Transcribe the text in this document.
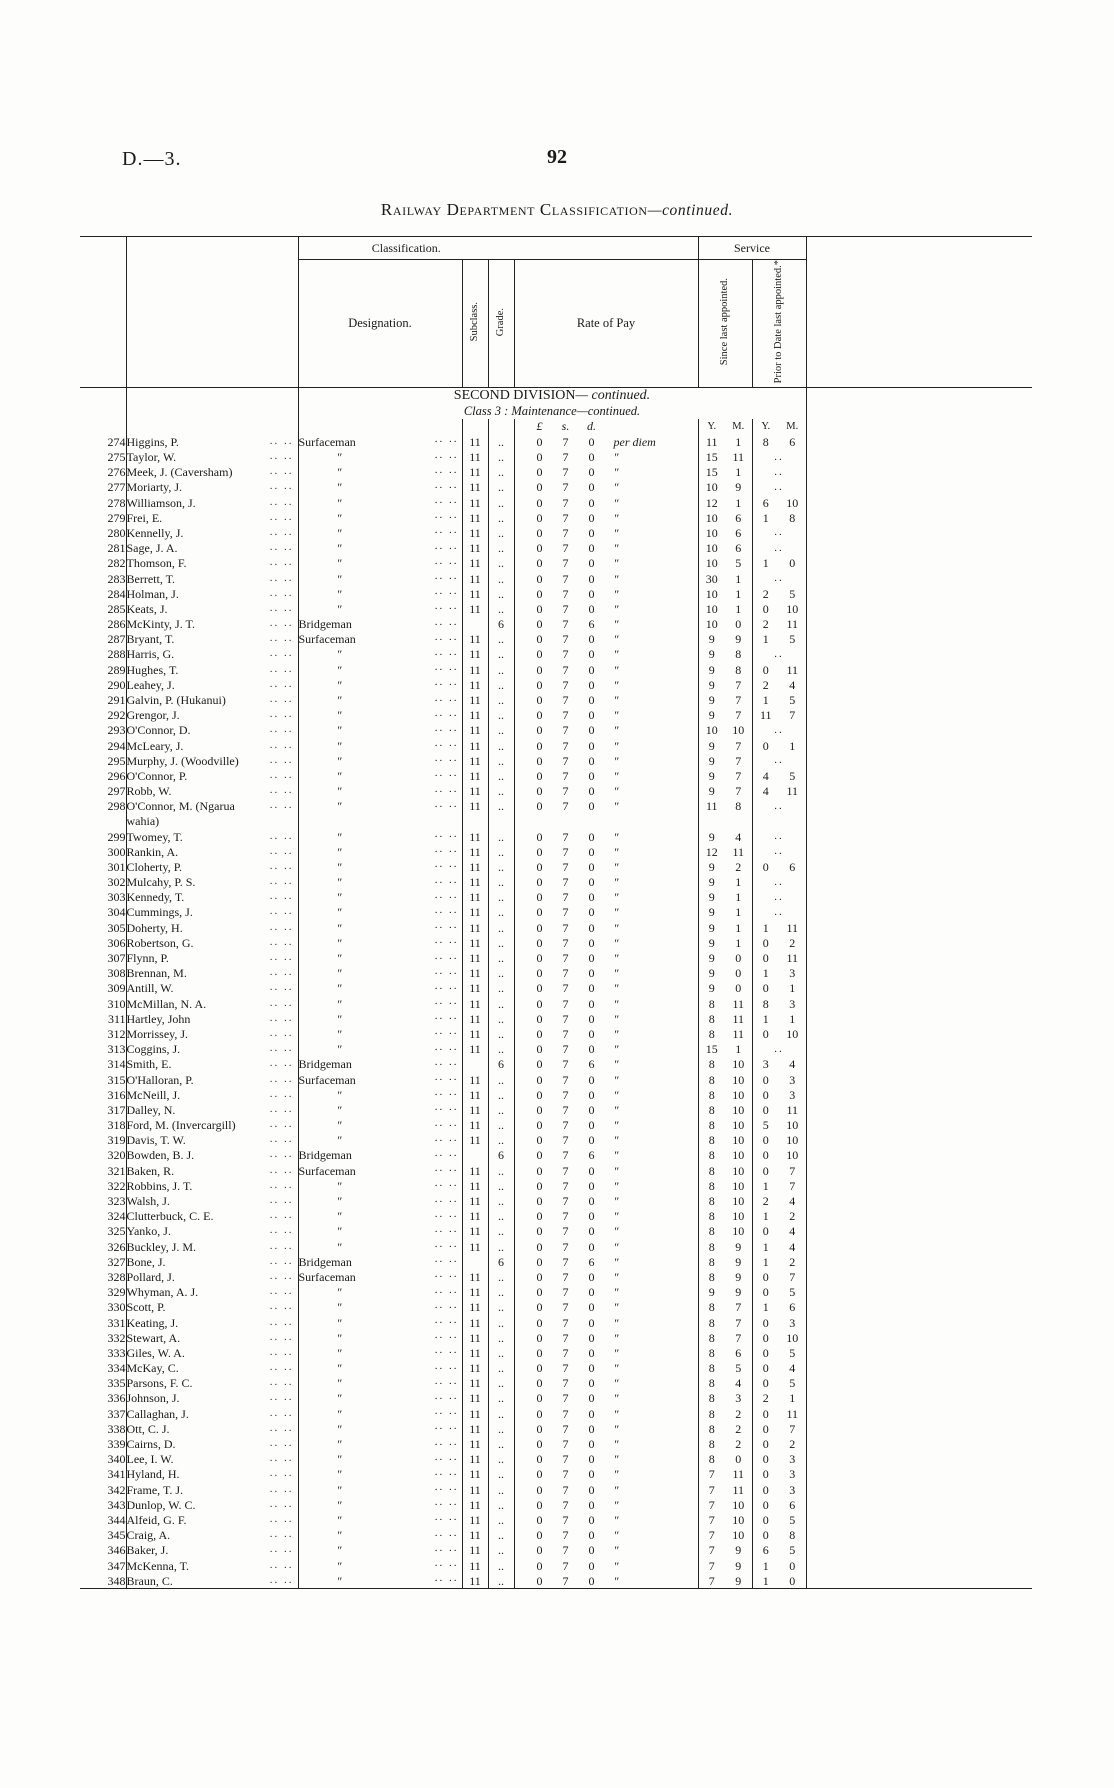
D.—3.	92
Railway Department Classification—continued.
		Classification.				Service		

		Designation.	Subclass.	Grade.	Rate of Pay	Since last appointed.	Prior to Date last appointed.*	

		SECOND DIVISION— continued.						
		Class 3 : Maintenance—continued.						

					£ s. d.	Y. M.	Y. M.	

274	Higgins, P. .. ..	Surfaceman .. ..	11	..	0 7 0 per diem	11 1	8 6	

275	Taylor, W. .. ..	″ .. ..	11	..	0 7 0 ″	15 11	..	

276	Meek, J. (Caversham) .. ..	″ .. ..	11	..	0 7 0 ″	15 1	..	

277	Moriarty, J. .. ..	″ .. ..	11	..	0 7 0 ″	10 9	..	

278	Williamson, J. .. ..	″ .. ..	11	..	0 7 0 ″	12 1	6 10	

279	Frei, E. .. ..	″ .. ..	11	..	0 7 0 ″	10 6	1 8	

280	Kennelly, J. .. ..	″ .. ..	11	..	0 7 0 ″	10 6	..	

281	Sage, J. A. .. ..	″ .. ..	11	..	0 7 0 ″	10 6	..	

282	Thomson, F. .. ..	″ .. ..	11	..	0 7 0 ″	10 5	1 0	

283	Berrett, T. .. ..	″ .. ..	11	..	0 7 0 ″	30 1	..	

284	Holman, J. .. ..	″ .. ..	11	..	0 7 0 ″	10 1	2 5	

285	Keats, J. .. ..	″ .. ..	11	..	0 7 0 ″	10 1	0 10	

286	McKinty, J. T. .. ..	Bridgeman .. ..		6	0 7 6 ″	10 0	2 11	

287	Bryant, T. .. ..	Surfaceman .. ..	11	..	0 7 0 ″	9 9	1 5	

288	Harris, G. .. ..	″ .. ..	11	..	0 7 0 ″	9 8	..	

289	Hughes, T. .. ..	″ .. ..	11	..	0 7 0 ″	9 8	0 11	

290	Leahey, J. .. ..	″ .. ..	11	..	0 7 0 ″	9 7	2 4	

291	Galvin, P. (Hukanui) .. ..	″ .. ..	11	..	0 7 0 ″	9 7	1 5	

292	Grengor, J. .. ..	″ .. ..	11	..	0 7 0 ″	9 7	11 7	

293	O'Connor, D. .. ..	″ .. ..	11	..	0 7 0 ″	10 10	..	

294	McLeary, J. .. ..	″ .. ..	11	..	0 7 0 ″	9 7	0 1	

295	Murphy, J. (Woodville) .. ..	″ .. ..	11	..	0 7 0 ″	9 7	..	

296	O'Connor, P. .. ..	″ .. ..	11	..	0 7 0 ″	9 7	4 5	

297	Robb, W. .. ..	″ .. ..	11	..	0 7 0 ″	9 7	4 11	

298	O'Connor, M. (Ngarua .. ..	″ .. ..	11	..	0 7 0 ″	11 8	..	

	wahia)							
299	Twomey, T. .. ..	″ .. ..	11	..	0 7 0 ″	9 4	..	

300	Rankin, A. .. ..	″ .. ..	11	..	0 7 0 ″	12 11	..	

301	Cloherty, P. .. ..	″ .. ..	11	..	0 7 0 ″	9 2	0 6	

302	Mulcahy, P. S. .. ..	″ .. ..	11	..	0 7 0 ″	9 1	..	

303	Kennedy, T. .. ..	″ .. ..	11	..	0 7 0 ″	9 1	..	

304	Cummings, J. .. ..	″ .. ..	11	..	0 7 0 ″	9 1	..	

305	Doherty, H. .. ..	″ .. ..	11	..	0 7 0 ″	9 1	1 11	

306	Robertson, G. .. ..	″ .. ..	11	..	0 7 0 ″	9 1	0 2	

307	Flynn, P. .. ..	″ .. ..	11	..	0 7 0 ″	9 0	0 11	

308	Brennan, M. .. ..	″ .. ..	11	..	0 7 0 ″	9 0	1 3	

309	Antill, W. .. ..	″ .. ..	11	..	0 7 0 ″	9 0	0 1	

310	McMillan, N. A. .. ..	″ .. ..	11	..	0 7 0 ″	8 11	8 3	

311	Hartley, John .. ..	″ .. ..	11	..	0 7 0 ″	8 11	1 1	

312	Morrissey, J. .. ..	″ .. ..	11	..	0 7 0 ″	8 11	0 10	

313	Coggins, J. .. ..	″ .. ..	11	..	0 7 0 ″	15 1	..	

314	Smith, E. .. ..	Bridgeman .. ..		6	0 7 6 ″	8 10	3 4	

315	O'Halloran, P. .. ..	Surfaceman .. ..	11	..	0 7 0 ″	8 10	0 3	

316	McNeill, J. .. ..	″ .. ..	11	..	0 7 0 ″	8 10	0 3	

317	Dalley, N. .. ..	″ .. ..	11	..	0 7 0 ″	8 10	0 11	

318	Ford, M. (Invercargill) .. ..	″ .. ..	11	..	0 7 0 ″	8 10	5 10	

319	Davis, T. W. .. ..	″ .. ..	11	..	0 7 0 ″	8 10	0 10	

320	Bowden, B. J. .. ..	Bridgeman .. ..		6	0 7 6 ″	8 10	0 10	

321	Baken, R. .. ..	Surfaceman .. ..	11	..	0 7 0 ″	8 10	0 7	

322	Robbins, J. T. .. ..	″ .. ..	11	..	0 7 0 ″	8 10	1 7	

323	Walsh, J. .. ..	″ .. ..	11	..	0 7 0 ″	8 10	2 4	

324	Clutterbuck, C. E. .. ..	″ .. ..	11	..	0 7 0 ″	8 10	1 2	

325	Yanko, J. .. ..	″ .. ..	11	..	0 7 0 ″	8 10	0 4	

326	Buckley, J. M. .. ..	″ .. ..	11	..	0 7 0 ″	8 9	1 4	

327	Bone, J. .. ..	Bridgeman .. ..		6	0 7 6 ″	8 9	1 2	

328	Pollard, J. .. ..	Surfaceman .. ..	11	..	0 7 0 ″	8 9	0 7	

329	Whyman, A. J. .. ..	″ .. ..	11	..	0 7 0 ″	9 9	0 5	

330	Scott, P. .. ..	″ .. ..	11	..	0 7 0 ″	8 7	1 6	

331	Keating, J. .. ..	″ .. ..	11	..	0 7 0 ″	8 7	0 3	

332	Stewart, A. .. ..	″ .. ..	11	..	0 7 0 ″	8 7	0 10	

333	Giles, W. A. .. ..	″ .. ..	11	..	0 7 0 ″	8 6	0 5	

334	McKay, C. .. ..	″ .. ..	11	..	0 7 0 ″	8 5	0 4	

335	Parsons, F. C. .. ..	″ .. ..	11	..	0 7 0 ″	8 4	0 5	

336	Johnson, J. .. ..	″ .. ..	11	..	0 7 0 ″	8 3	2 1	

337	Callaghan, J. .. ..	″ .. ..	11	..	0 7 0 ″	8 2	0 11	

338	Ott, C. J. .. ..	″ .. ..	11	..	0 7 0 ″	8 2	0 7	

339	Cairns, D. .. ..	″ .. ..	11	..	0 7 0 ″	8 2	0 2	

340	Lee, I. W. .. ..	″ .. ..	11	..	0 7 0 ″	8 0	0 3	

341	Hyland, H. .. ..	″ .. ..	11	..	0 7 0 ″	7 11	0 3	

342	Frame, T. J. .. ..	″ .. ..	11	..	0 7 0 ″	7 11	0 3	

343	Dunlop, W. C. .. ..	″ .. ..	11	..	0 7 0 ″	7 10	0 6	

344	Alfeid, G. F. .. ..	″ .. ..	11	..	0 7 0 ″	7 10	0 5	

345	Craig, A. .. ..	″ .. ..	11	..	0 7 0 ″	7 10	0 8	

346	Baker, J. .. ..	″ .. ..	11	..	0 7 0 ″	7 9	6 5	

347	McKenna, T. .. ..	″ .. ..	11	..	0 7 0 ″	7 9	1 0	

348	Braun, C. .. ..	″ .. ..	11	..	0 7 0 ″	7 9	1 0	
